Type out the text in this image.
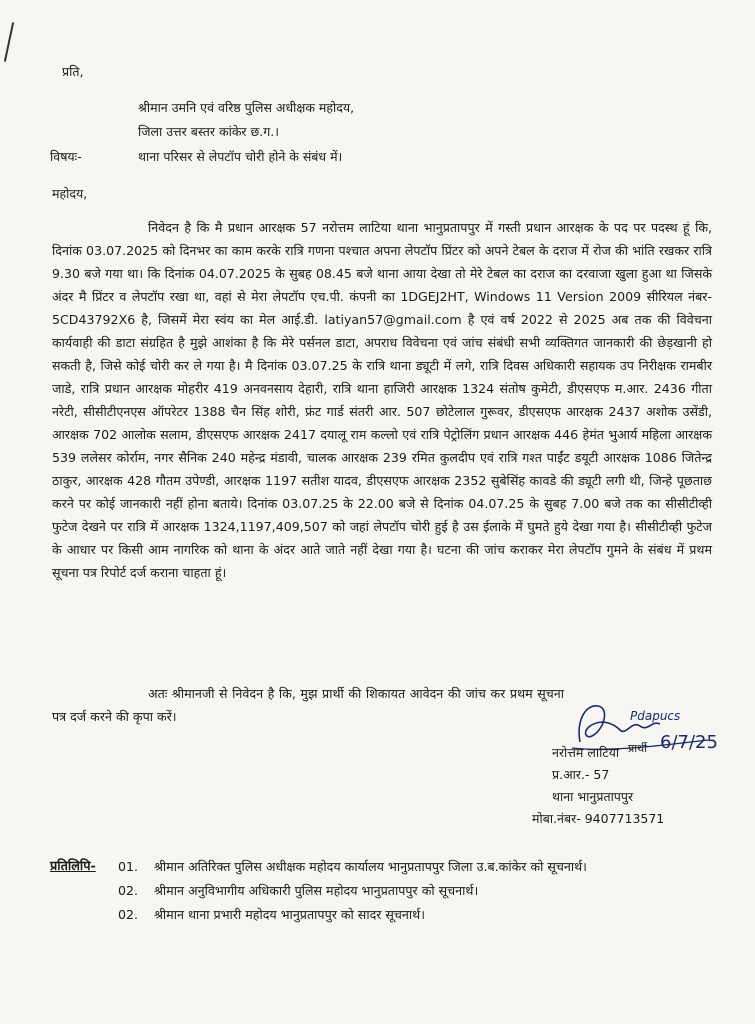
प्रति,
श्रीमान उमनि एवं वरिष्ठ पुलिस अधीक्षक महोदय,
जिला उत्तर बस्तर कांकेर छ.ग.।
विषयः-	थाना परिसर से लेपटॉप चोरी होने के संबंध में।
महोदय,
निवेदन है कि मै प्रधान आरक्षक 57 नरोत्तम लाटिया थाना भानुप्रतापपुर में गस्ती प्रधान आरक्षक के पद पर पदस्थ हूं कि, दिनांक 03.07.2025 को दिनभर का काम करके रात्रि गणना पश्चात अपना लेपटॉप प्रिंटर को अपने टेबल के दराज में रोज की भांति रखकर रात्रि 9.30 बजे गया था। कि दिनांक 04.07.2025 के सुबह 08.45 बजे थाना आया देखा तो मेरे टेबल का दराज का दरवाजा खुला हुआ था जिसके अंदर मै प्रिंटर व लेपटॉप रखा था, वहां से मेरा लेपटॉप एच.पी. कंपनी का 1DGEJ2HT, Windows 11 Version 2009 सीरियल नंबर- 5CD43792X6 है, जिसमें मेरा स्वंय का मेल आई.डी. latiyan57@gmail.com है एवं वर्ष 2022 से 2025 अब तक की विवेचना कार्यवाही की डाटा संग्रहित है मुझे आशंका है कि मेरे पर्सनल डाटा, अपराध विवेचना एवं जांच संबंधी सभी व्यक्तिगत जानकारी की छेड़खानी हो सकती है, जिसे कोई चोरी कर ले गया है। मै दिनांक 03.07.25 के रात्रि थाना ड्यूटी में लगे, रात्रि दिवस अधिकारी सहायक उप निरीक्षक रामबीर जाडे, रात्रि प्रधान आरक्षक मोहरीर 419 अनवनसाय देहारी, रात्रि थाना हाजिरी आरक्षक 1324 संतोष कुमेटी, डीएसएफ म.आर. 2436 गीता नरेटी, सीसीटीएनएस ऑपरेटर 1388 चैन सिंह शोरी, फ्रंट गार्ड संतरी आर. 507 छोटेलाल गुरूवर, डीएसएफ आरक्षक 2437 अशोक उसेंडी, आरक्षक 702 आलोक सलाम, डीएसएफ आरक्षक 2417 दयालू राम कल्लो एवं रात्रि पेट्रोलिंग प्रधान आरक्षक 446 हेमंत भुआर्य महिला आरक्षक 539 ललेसर कोर्राम, नगर सैनिक 240 महेन्द्र मंडावी, चालक आरक्षक 239 रमित कुलदीप एवं रात्रि गश्त पाईंट डयूटी आरक्षक 1086 जितेन्द्र ठाकुर, आरक्षक 428 गौतम उपेण्डी, आरक्षक 1197 सतीश यादव, डीएसएफ आरक्षक 2352 सुबेसिंह कावडे की ड्यूटी लगी थी, जिन्हे पूछताछ करने पर कोई जानकारी नहीं होना बताये। दिनांक 03.07.25 के 22.00 बजे से दिनांक 04.07.25 के सुबह 7.00 बजे तक का सीसीटीव्ही फुटेज देखने पर रात्रि में आरक्षक 1324,1197,409,507 को जहां लेपटॉप चोरी हुई है उस ईलाके में घुमते हुये देखा गया है। सीसीटीव्ही फुटेज के आधार पर किसी आम नागरिक को थाना के अंदर आते जाते नहीं देखा गया है। घटना की जांच कराकर मेरा लेपटॉप गुमने के संबंध में प्रथम सूचना पत्र रिपोर्ट दर्ज कराना चाहता हूं।
अतः श्रीमानजी से निवेदन है कि, मुझ प्रार्थी की शिकायत आवेदन की जांच कर प्रथम सूचना पत्र दर्ज करने की कृपा करें।	Pdapucs
प्रार्थी 6/7/25
नरोत्तम लाटिया
प्र.आर.- 57
थाना भानुप्रतापपुर
मोबा.नंबर- 9407713571
प्रतिलिपि- 01. श्रीमान अतिरिक्त पुलिस अधीक्षक महोदय कार्यालय भानुप्रतापपुर जिला उ.ब.कांकेर को सूचनार्थ।
02. श्रीमान अनुविभागीय अधिकारी पुलिस महोदय भानुप्रतापपुर को सूचनार्थ।
02. श्रीमान थाना प्रभारी महोदय भानुप्रतापपुर को सादर सूचनार्थ।
